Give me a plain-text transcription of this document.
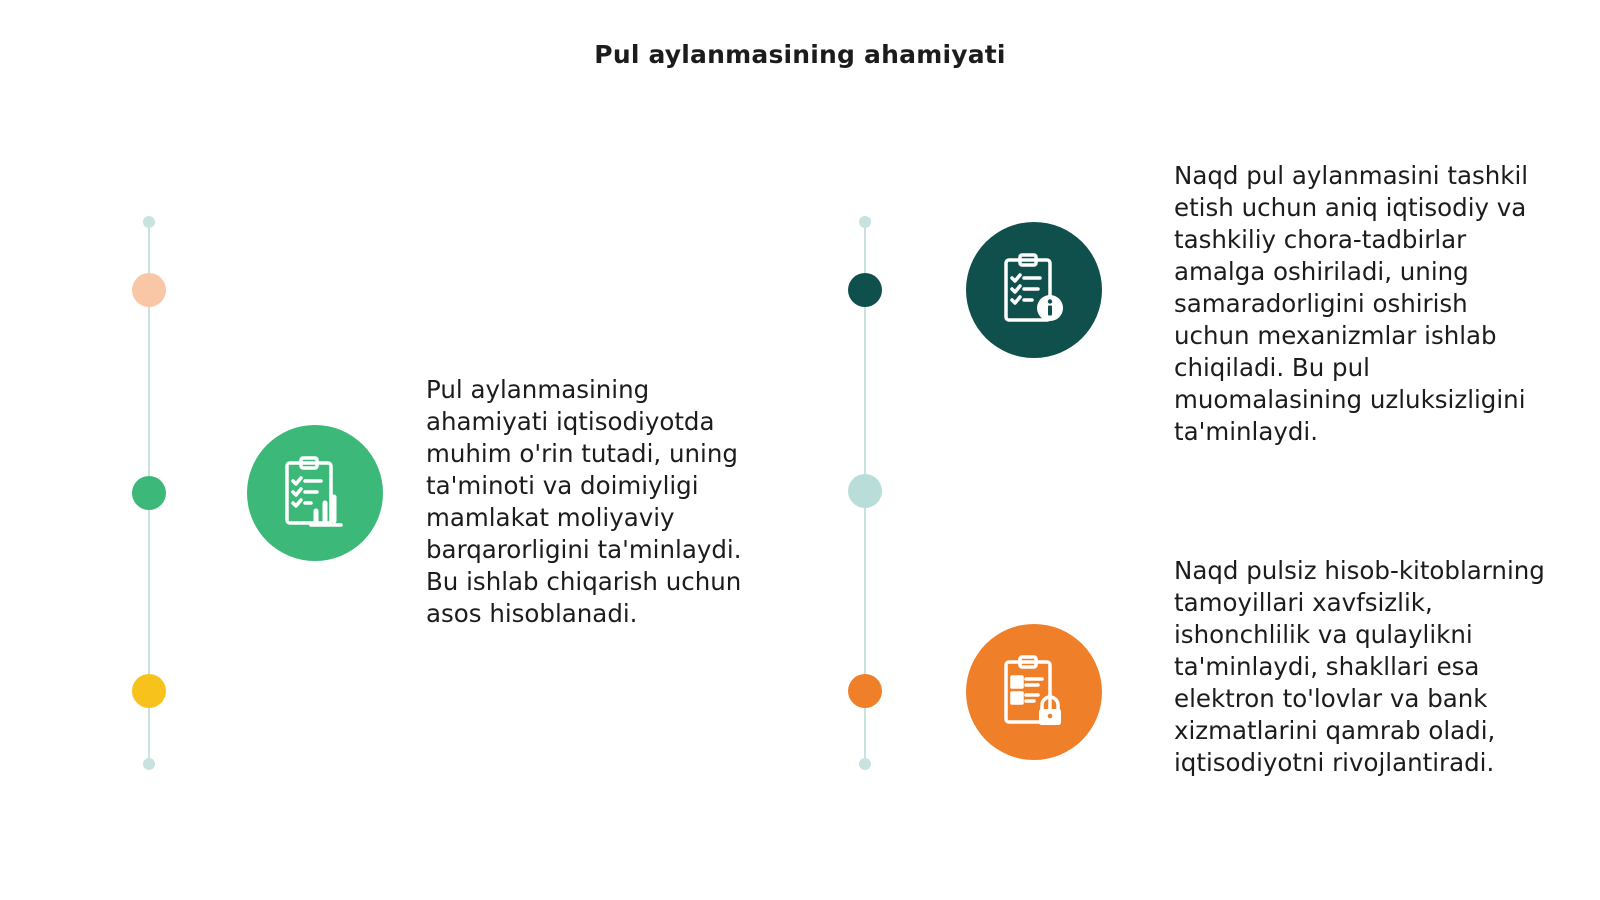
Pul aylanmasining ahamiyati
Pul aylanmasining ahamiyati iqtisodiyotda muhim o'rin tutadi, uning ta'minoti va doimiyligi mamlakat moliyaviy barqarorligini ta'minlaydi. Bu ishlab chiqarish uchun asos hisoblanadi.
Naqd pul aylanmasini tashkil etish uchun aniq iqtisodiy va tashkiliy chora-tadbirlar amalga oshiriladi, uning samaradorligini oshirish uchun mexanizmlar ishlab chiqiladi. Bu pul muomalasining uzluksizligini ta'minlaydi.
Naqd pulsiz hisob-kitoblarning tamoyillari xavfsizlik, ishonchlilik va qulaylikni ta'minlaydi, shakllari esa elektron to'lovlar va bank xizmatlarini qamrab oladi, iqtisodiyotni rivojlantiradi.
